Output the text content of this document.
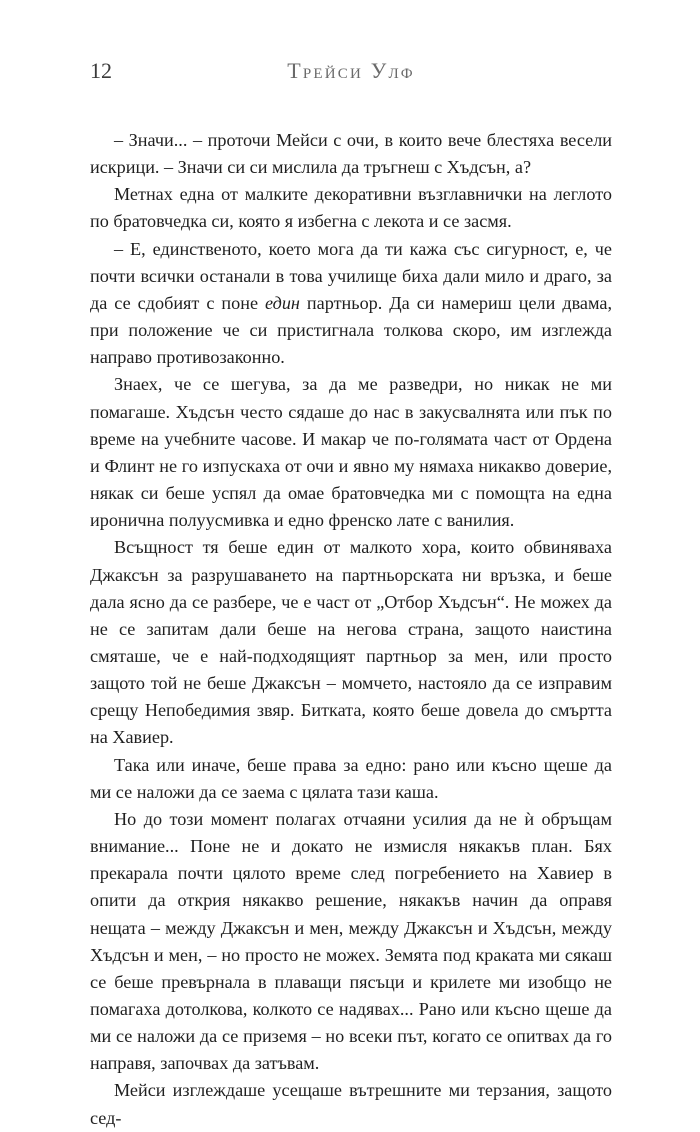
12	Трейси Улф

– Значи... – проточи Мейси с очи, в които вече блестяха весели искрици. – Значи си си мислила да тръгнеш с Хъдсън, а?

Метнах една от малките декоративни възглавнички на леглото по братовчедка си, която я избегна с лекота и се засмя.

– Е, единственото, което мога да ти кажа със сигурност, е, че почти всички останали в това училище биха дали мило и драго, за да се сдобият с поне един партньор. Да си намериш цели двама, при положение че си пристигнала толкова скоро, им изглежда направо противозаконно.

Знаех, че се шегува, за да ме разведри, но никак не ми помагаше. Хъдсън често сядаше до нас в закусвалнята или пък по време на учебните часове. И макар че по-голямата част от Ордена и Флинт не го изпускаха от очи и явно му нямаха никакво доверие, някак си беше успял да омае братовчедка ми с помощта на една иронична полуусмивка и едно френско лате с ванилия.

Всъщност тя беше един от малкото хора, които обвиняваха Джаксън за разрушаването на партньорската ни връзка, и беше дала ясно да се разбере, че е част от „Отбор Хъдсън“. Не можех да не се запитам дали беше на негова страна, защото наистина смяташе, че е най-подходящият партньор за мен, или просто защото той не беше Джаксън – момчето, настояло да се изправим срещу Непобедимия звяр. Битката, която беше довела до смъртта на Хавиер.

Така или иначе, беше права за едно: рано или късно щеше да ми се наложи да се заема с цялата тази каша.

Но до този момент полагах отчаяни усилия да не ѝ обръщам внимание... Поне не и докато не измисля някакъв план. Бях прекарала почти цялото време след погребението на Хавиер в опити да открия някакво решение, някакъв начин да оправя нещата – между Джаксън и мен, между Джаксън и Хъдсън, между Хъдсън и мен, – но просто не можех. Земята под краката ми сякаш се беше превърнала в плаващи пясъци и крилете ми изобщо не помагаха дотолкова, колкото се надявах... Рано или късно щеше да ми се наложи да се приземя – но всеки път, когато се опитвах да го направя, започвах да затъвам.

Мейси изглеждаше усещаше вътрешните ми терзания, защото сед-
